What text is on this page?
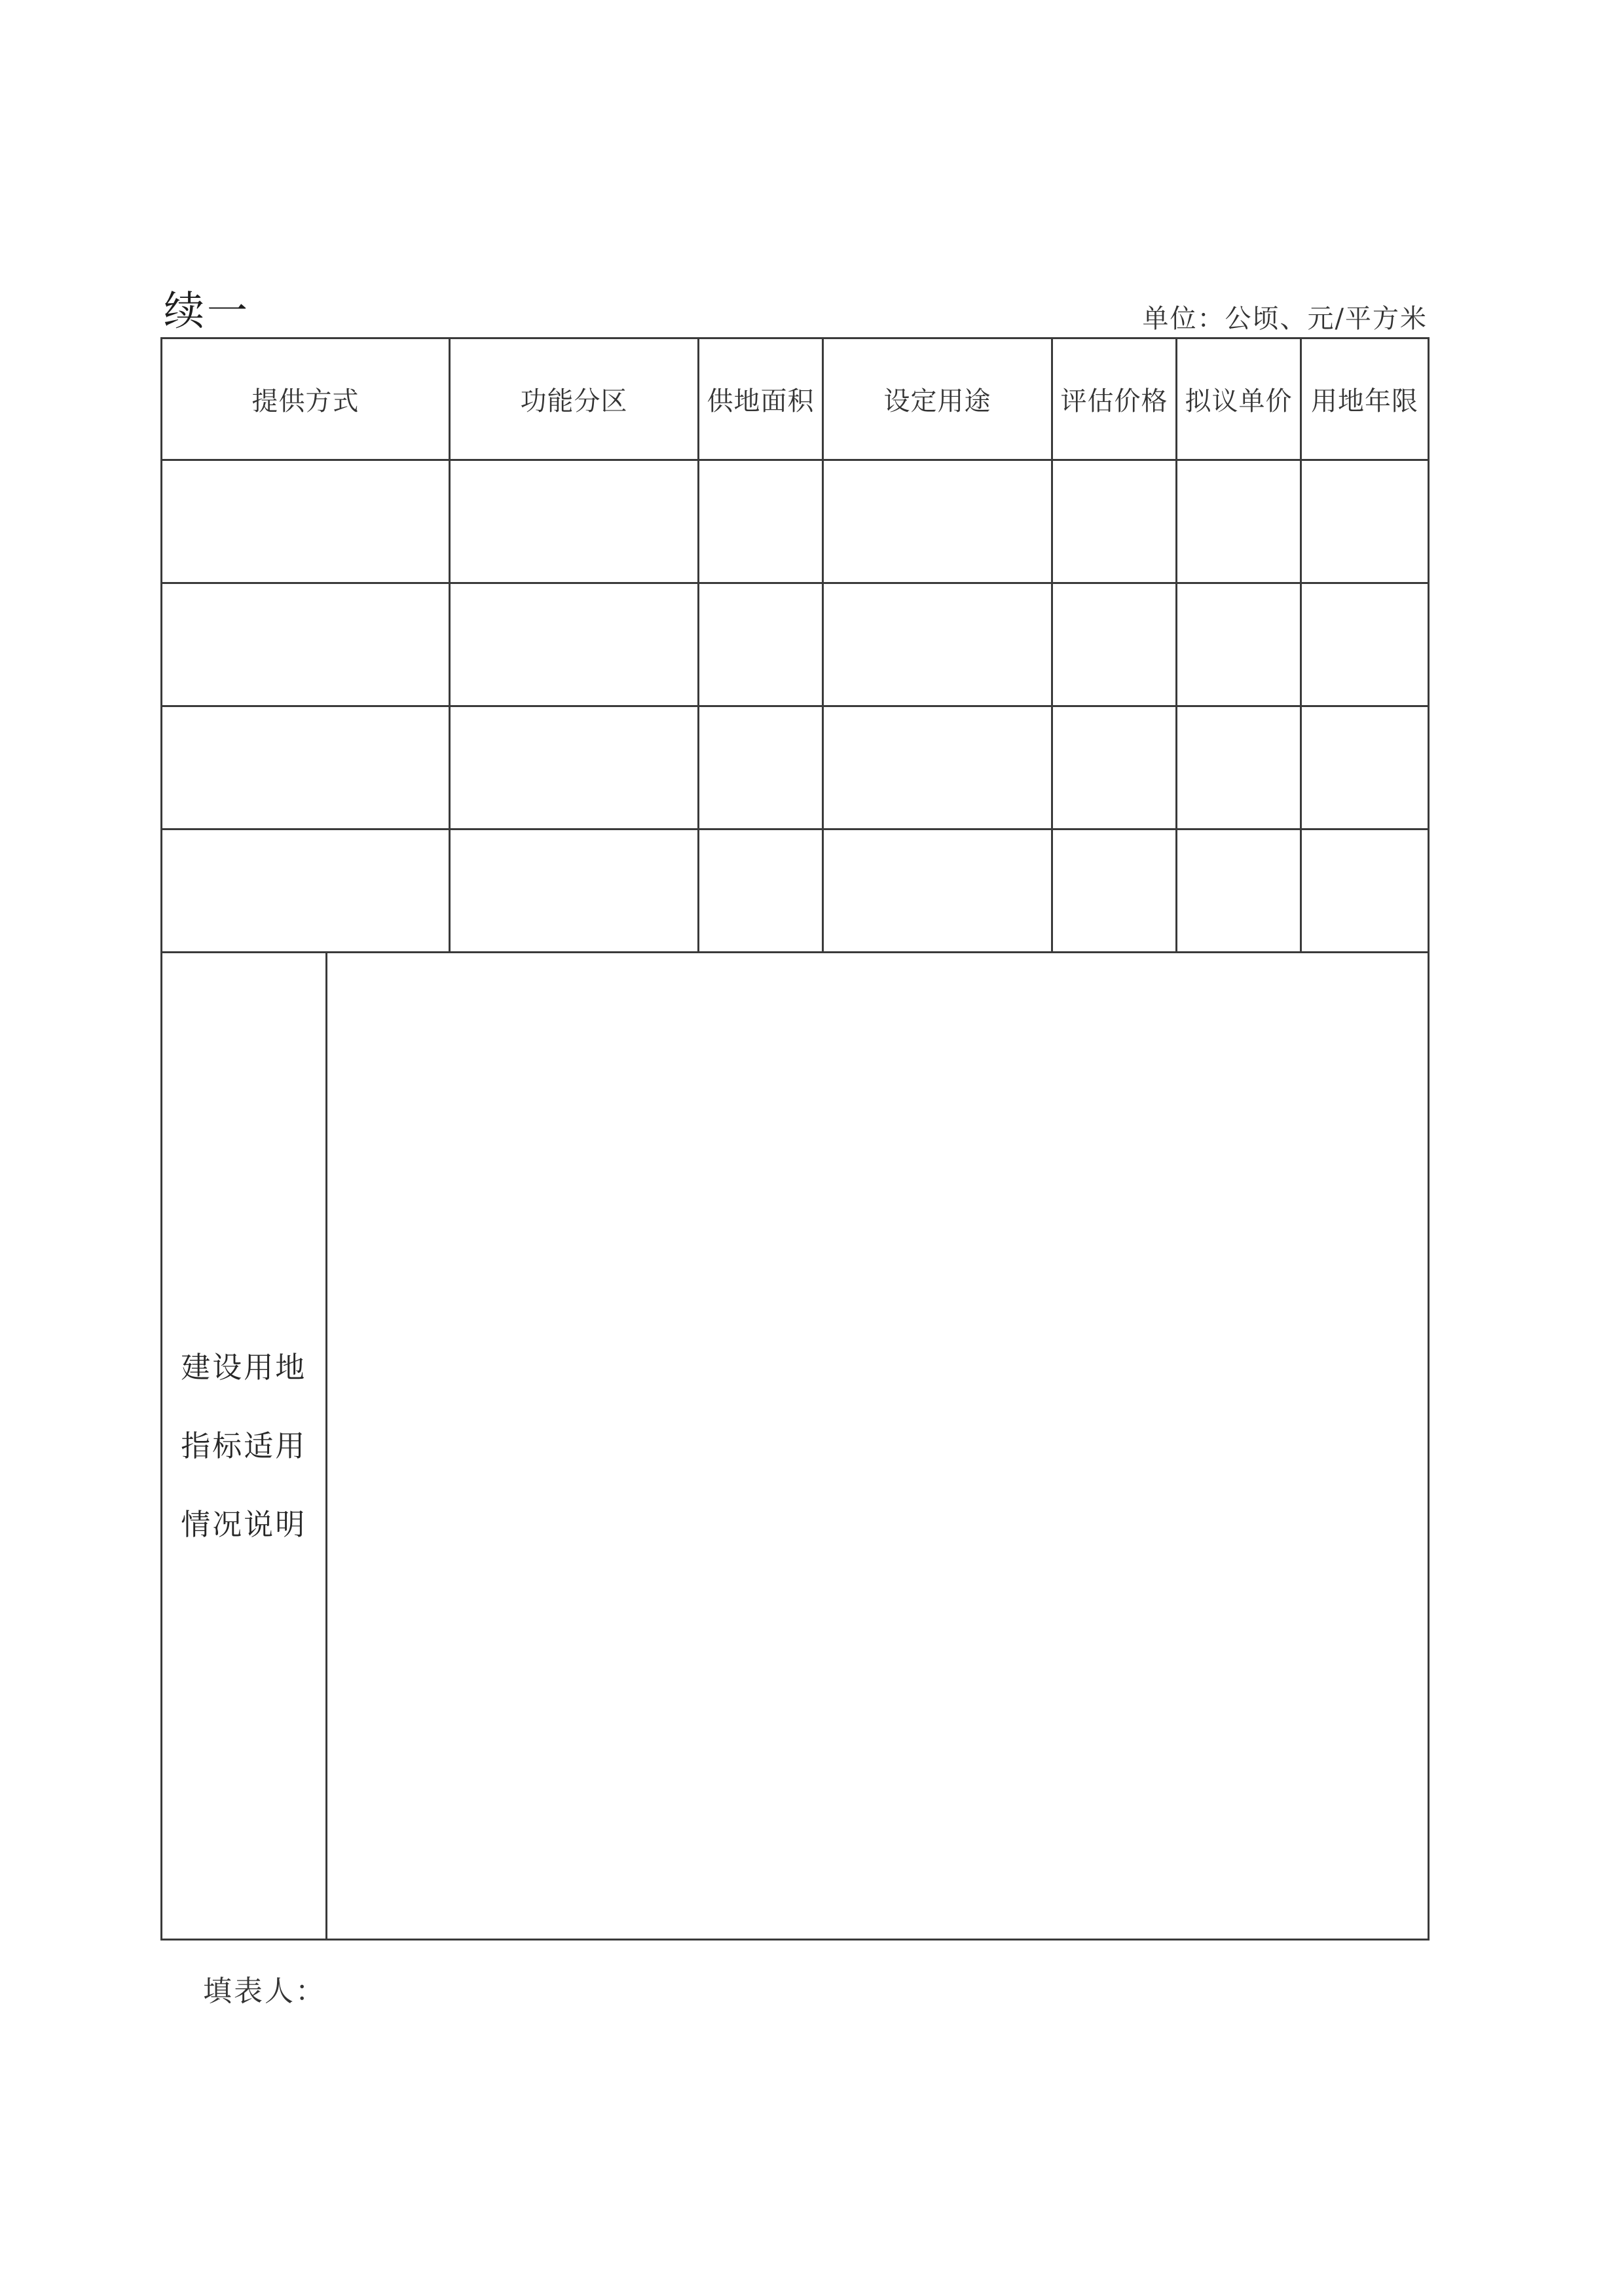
续一	单位：公顷、元/平方米
提供方式	功能分区	供地面积	设定用途	评估价格	拟议单价	用地年限

建设用地
指标适用
情况说明

填表人：
